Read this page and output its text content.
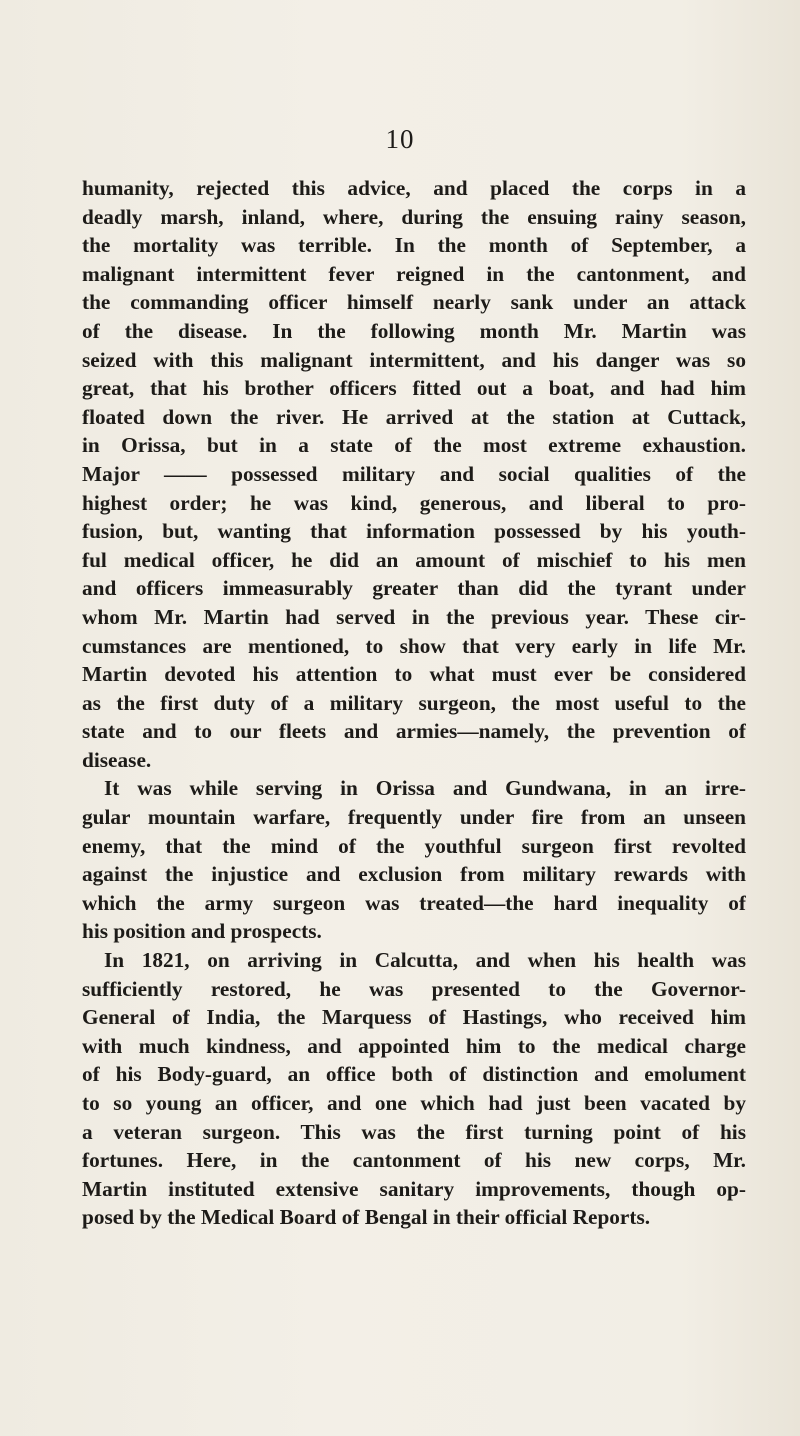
10
humanity, rejected this advice, and placed the corps in a
deadly marsh, inland, where, during the ensuing rainy season,
the mortality was terrible. In the month of September, a
malignant intermittent fever reigned in the cantonment, and
the commanding officer himself nearly sank under an attack
of the disease. In the following month Mr. Martin was
seized with this malignant intermittent, and his danger was so
great, that his brother officers fitted out a boat, and had him
floated down the river. He arrived at the station at Cuttack,
in Orissa, but in a state of the most extreme exhaustion.
Major —— possessed military and social qualities of the
highest order; he was kind, generous, and liberal to pro-
fusion, but, wanting that information possessed by his youth-
ful medical officer, he did an amount of mischief to his men
and officers immeasurably greater than did the tyrant under
whom Mr. Martin had served in the previous year. These cir-
cumstances are mentioned, to show that very early in life Mr.
Martin devoted his attention to what must ever be considered
as the first duty of a military surgeon, the most useful to the
state and to our fleets and armies—namely, the prevention of
disease.
It was while serving in Orissa and Gundwana, in an irre-
gular mountain warfare, frequently under fire from an unseen
enemy, that the mind of the youthful surgeon first revolted
against the injustice and exclusion from military rewards with
which the army surgeon was treated—the hard inequality of
his position and prospects.
In 1821, on arriving in Calcutta, and when his health was
sufficiently restored, he was presented to the Governor-
General of India, the Marquess of Hastings, who received him
with much kindness, and appointed him to the medical charge
of his Body-guard, an office both of distinction and emolument
to so young an officer, and one which had just been vacated by
a veteran surgeon. This was the first turning point of his
fortunes. Here, in the cantonment of his new corps, Mr.
Martin instituted extensive sanitary improvements, though op-
posed by the Medical Board of Bengal in their official Reports.
